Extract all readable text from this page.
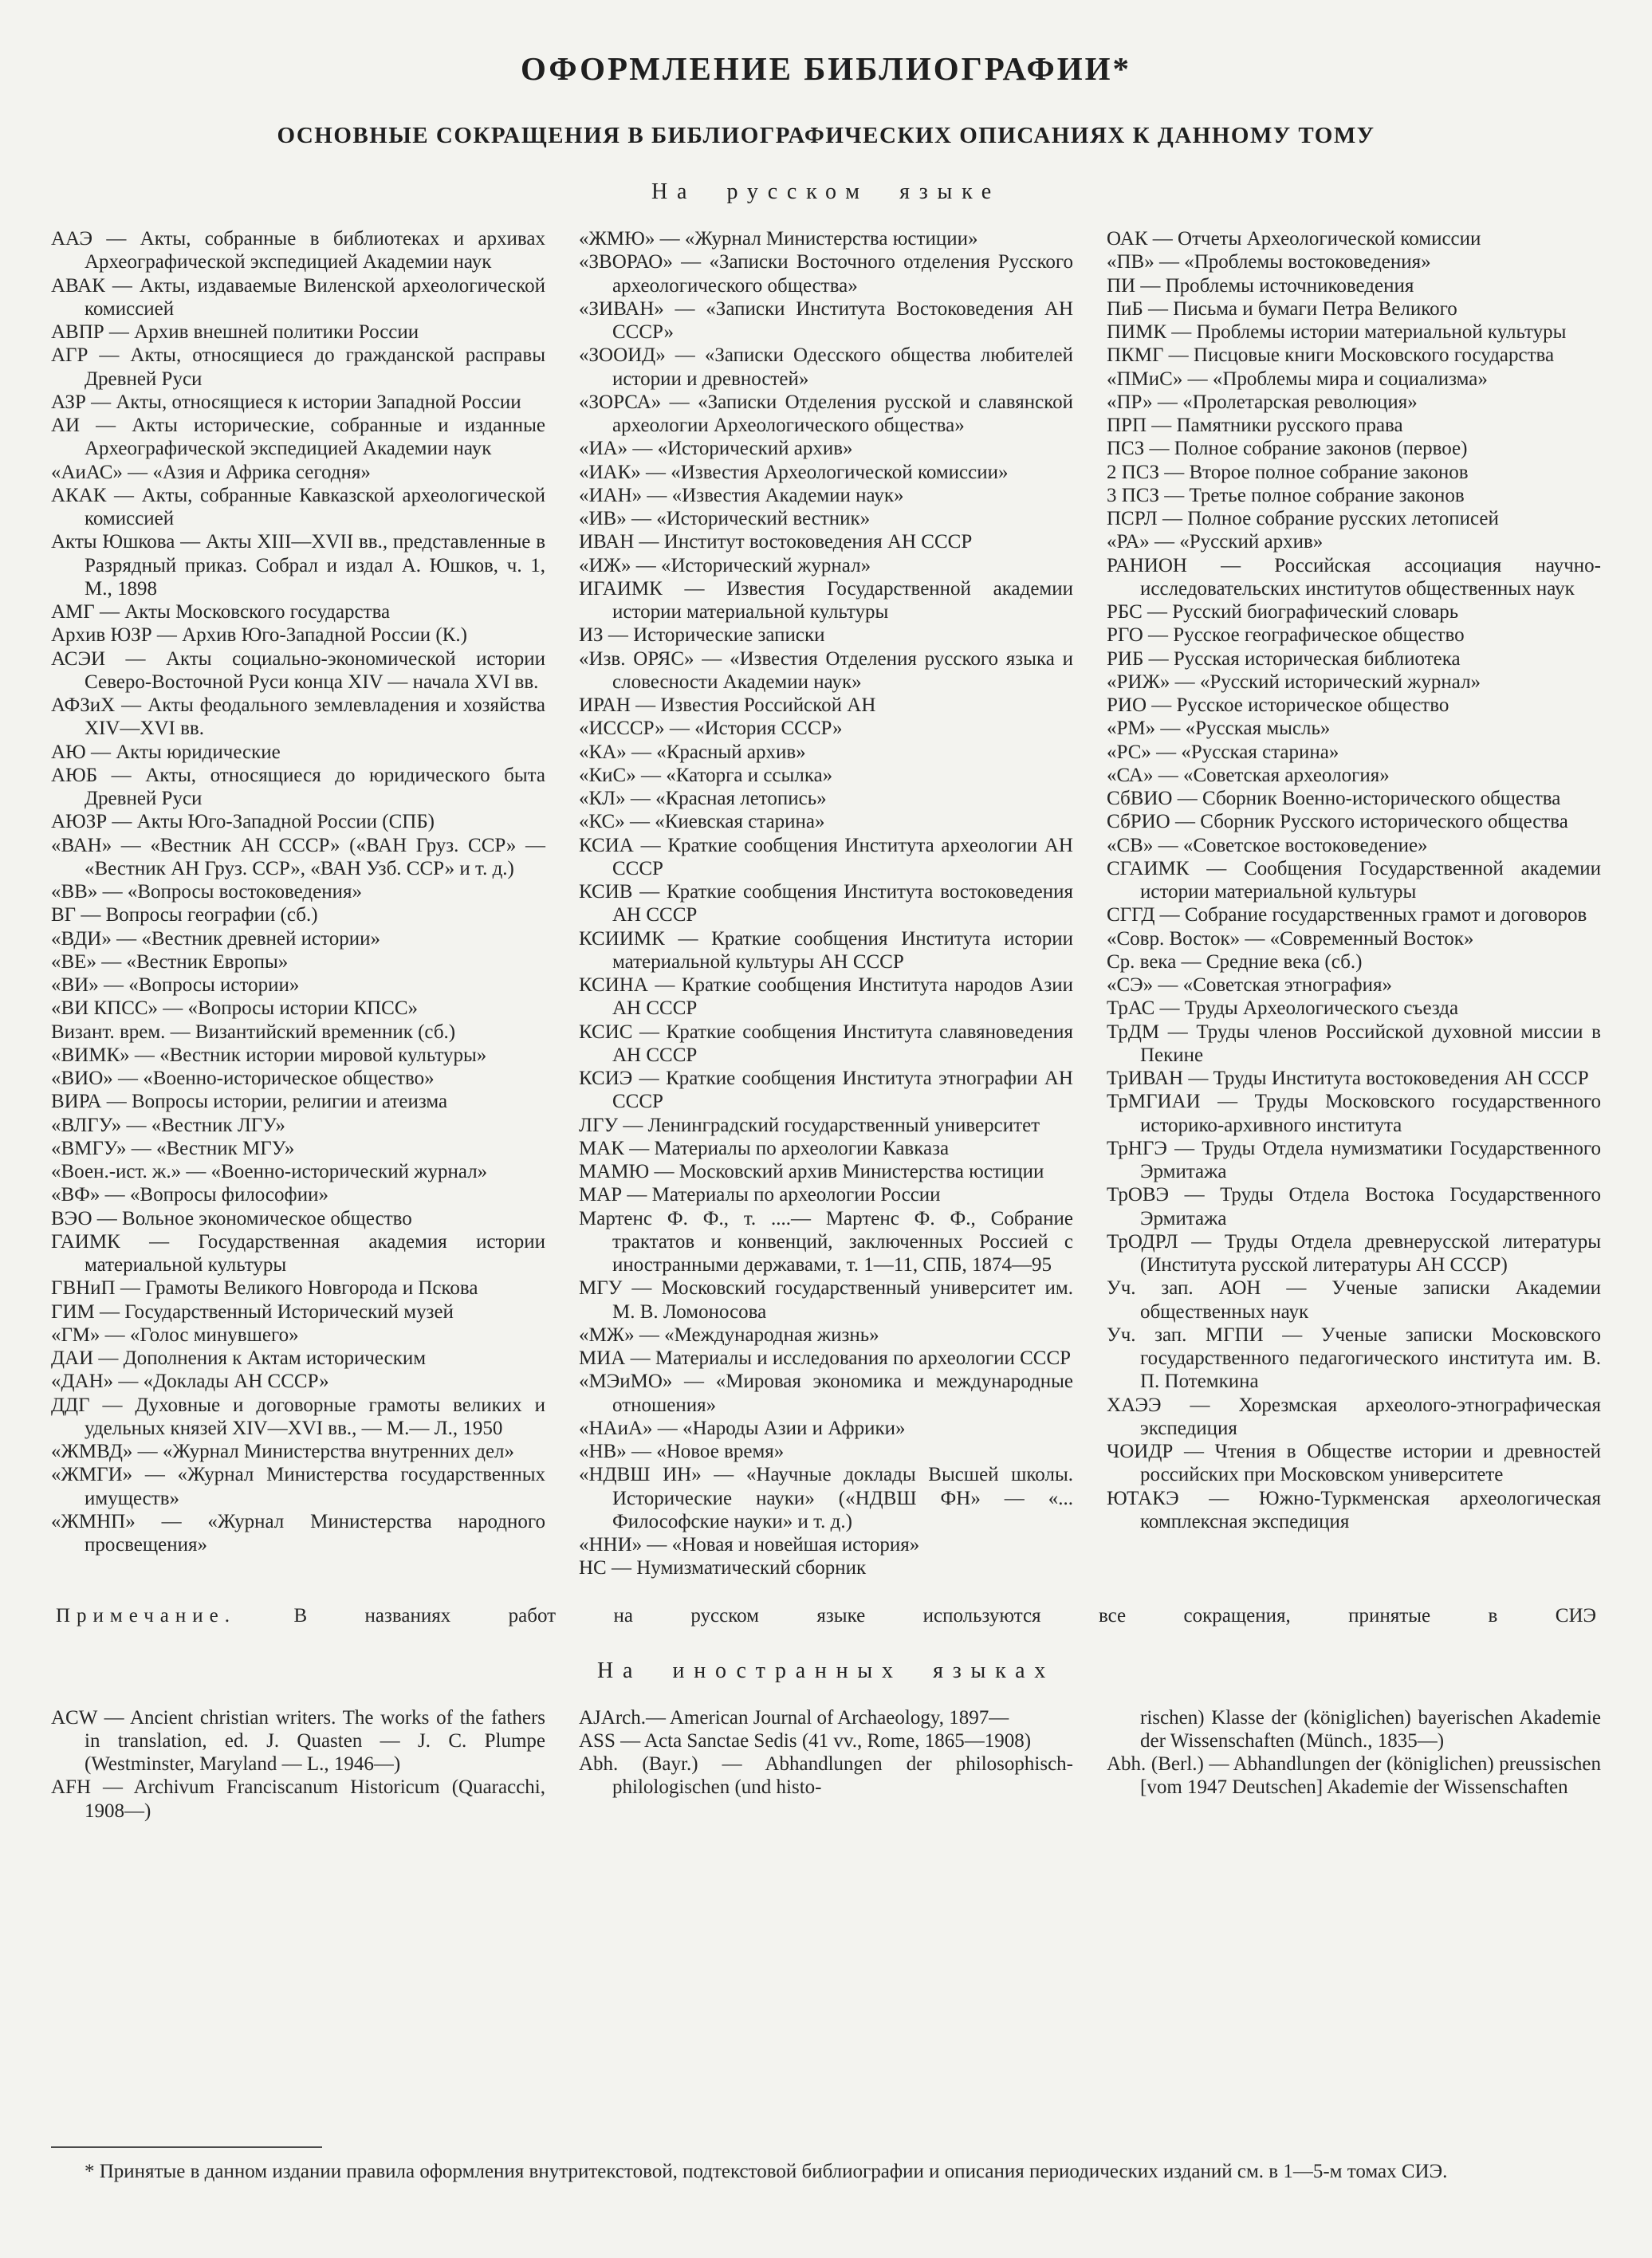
ОФОРМЛЕНИЕ БИБЛИОГРАФИИ*
ОСНОВНЫЕ СОКРАЩЕНИЯ В БИБЛИОГРАФИЧЕСКИХ ОПИСАНИЯХ К ДАННОМУ ТОМУ
На русском языке

ААЭ — Акты, собранные в библиотеках и архивах Археографической экспедицией Академии наук

АВАК — Акты, издаваемые Виленской археологической комиссией

АВПР — Архив внешней политики России

АГР — Акты, относящиеся до гражданской расправы Древней Руси

АЗР — Акты, относящиеся к истории Западной России

АИ — Акты исторические, собранные и изданные Археографической экспедицией Академии наук

«АиАС» — «Азия и Африка сегодня»

АКАК — Акты, собранные Кавказской археологической комиссией

Акты Юшкова — Акты XIII—XVII вв., представленные в Разрядный приказ. Собрал и издал А. Юшков, ч. 1, М., 1898

АМГ — Акты Московского государства

Архив ЮЗР — Архив Юго-Западной России (К.)

АСЭИ — Акты социально-экономической истории Северо-Восточной Руси конца XIV — начала XVI вв.

АФЗиХ — Акты феодального землевладения и хозяйства XIV—XVI вв.

АЮ — Акты юридические

АЮБ — Акты, относящиеся до юридического быта Древней Руси

АЮЗР — Акты Юго-Западной России (СПБ)

«ВАН» — «Вестник АН СССР» («ВАН Груз. ССР» — «Вестник АН Груз. ССР», «ВАН Узб. ССР» и т. д.)

«ВВ» — «Вопросы востоковедения»

ВГ — Вопросы географии (сб.)

«ВДИ» — «Вестник древней истории»

«ВЕ» — «Вестник Европы»

«ВИ» — «Вопросы истории»

«ВИ КПСС» — «Вопросы истории КПСС»

Визант. врем. — Византийский временник (сб.)

«ВИМК» — «Вестник истории мировой культуры»

«ВИО» — «Военно-историческое общество»

ВИРА — Вопросы истории, религии и атеизма

«ВЛГУ» — «Вестник ЛГУ»

«ВМГУ» — «Вестник МГУ»

«Воен.-ист. ж.» — «Военно-исторический журнал»

«ВФ» — «Вопросы философии»

ВЭО — Вольное экономическое общество

ГАИМК — Государственная академия истории материальной культуры

ГВНиП — Грамоты Великого Новгорода и Пскова

ГИМ — Государственный Исторический музей

«ГМ» — «Голос минувшего»

ДАИ — Дополнения к Актам историческим

«ДАН» — «Доклады АН СССР»

ДДГ — Духовные и договорные грамоты великих и удельных князей XIV—XVI вв., — М.— Л., 1950

«ЖМВД» — «Журнал Министерства внутренних дел»

«ЖМГИ» — «Журнал Министерства государственных имуществ»

«ЖМНП» — «Журнал Министерства народного просвещения»

«ЖМЮ» — «Журнал Министерства юстиции»

«ЗВОРАО» — «Записки Восточного отделения Русского археологического общества»

«ЗИВАН» — «Записки Института Востоковедения АН СССР»

«ЗООИД» — «Записки Одесского общества любителей истории и древностей»

«ЗОРСА» — «Записки Отделения русской и славянской археологии Археологического общества»

«ИА» — «Исторический архив»

«ИАК» — «Известия Археологической комиссии»

«ИАН» — «Известия Академии наук»

«ИВ» — «Исторический вестник»

ИВАН — Институт востоковедения АН СССР

«ИЖ» — «Исторический журнал»

ИГАИМК — Известия Государственной академии истории материальной культуры

ИЗ — Исторические записки

«Изв. ОРЯС» — «Известия Отделения русского языка и словесности Академии наук»

ИРАН — Известия Российской АН

«ИСССР» — «История СССР»

«КА» — «Красный архив»

«КиС» — «Каторга и ссылка»

«КЛ» — «Красная летопись»

«КС» — «Киевская старина»

КСИА — Краткие сообщения Института археологии АН СССР

КСИВ — Краткие сообщения Института востоковедения АН СССР

КСИИМК — Краткие сообщения Института истории материальной культуры АН СССР

КСИНА — Краткие сообщения Института народов Азии АН СССР

КСИС — Краткие сообщения Института славяноведения АН СССР

КСИЭ — Краткие сообщения Института этнографии АН СССР

ЛГУ — Ленинградский государственный университет

МАК — Материалы по археологии Кавказа

МАМЮ — Московский архив Министерства юстиции

МАР — Материалы по археологии России

Мартенс Ф. Ф., т. ....— Мартенс Ф. Ф., Собрание трактатов и конвенций, заключенных Россией с иностранными державами, т. 1—11, СПБ, 1874—95

МГУ — Московский государственный университет им. М. В. Ломоносова

«МЖ» — «Международная жизнь»

МИА — Материалы и исследования по археологии СССР

«МЭиМО» — «Мировая экономика и международные отношения»

«НАиА» — «Народы Азии и Африки»

«НВ» — «Новое время»

«НДВШ ИН» — «Научные доклады Высшей школы. Исторические науки» («НДВШ ФН» — «... Философские науки» и т. д.)

«ННИ» — «Новая и новейшая история»

НС — Нумизматический сборник

ОАК — Отчеты Археологической комиссии

«ПВ» — «Проблемы востоковедения»

ПИ — Проблемы источниковедения

ПиБ — Письма и бумаги Петра Великого

ПИМК — Проблемы истории материальной культуры

ПКМГ — Писцовые книги Московского государства

«ПМиС» — «Проблемы мира и социализма»

«ПР» — «Пролетарская революция»

ПРП — Памятники русского права

ПСЗ — Полное собрание законов (первое)

2 ПСЗ — Второе полное собрание законов

3 ПСЗ — Третье полное собрание законов

ПСРЛ — Полное собрание русских летописей

«РА» — «Русский архив»

РАНИОН — Российская ассоциация научно-исследовательских институтов общественных наук

РБС — Русский биографический словарь

РГО — Русское географическое общество

РИБ — Русская историческая библиотека

«РИЖ» — «Русский исторический журнал»

РИО — Русское историческое общество

«РМ» — «Русская мысль»

«РС» — «Русская старина»

«СА» — «Советская археология»

СбВИО — Сборник Военно-исторического общества

СбРИО — Сборник Русского исторического общества

«СВ» — «Советское востоковедение»

СГАИМК — Сообщения Государственной академии истории материальной культуры

СГГД — Собрание государственных грамот и договоров

«Совр. Восток» — «Современный Восток»

Ср. века — Средние века (сб.)

«СЭ» — «Советская этнография»

ТрАС — Труды Археологического съезда

ТрДМ — Труды членов Российской духовной миссии в Пекине

ТрИВАН — Труды Института востоковедения АН СССР

ТрМГИАИ — Труды Московского государственного историко-архивного института

ТрНГЭ — Труды Отдела нумизматики Государственного Эрмитажа

ТрОВЭ — Труды Отдела Востока Государственного Эрмитажа

ТрОДРЛ — Труды Отдела древнерусской литературы (Института русской литературы АН СССР)

Уч. зап. АОН — Ученые записки Академии общественных наук

Уч. зап. МГПИ — Ученые записки Московского государственного педагогического института им. В. П. Потемкина

ХАЭЭ — Хорезмская археолого-этнографическая экспедиция

ЧОИДР — Чтения в Обществе истории и древностей российских при Московском университете

ЮТАКЭ — Южно-Туркменская археологическая комплексная экспедиция

Примечание.	В названиях работ на русском языке используются все сокращения, принятые в СИЭ

На иностранных языках

ACW — Ancient christian writers. The works of the fathers in translation, ed. J. Quasten — J. C. Plumpe (Westminster, Maryland — L., 1946—)

AFH — Archivum Franciscanum Historicum (Quaracchi, 1908—)

AJArch.— American Journal of Archaeology, 1897—

ASS — Acta Sanctae Sedis (41 vv., Rome, 1865—1908)

Abh. (Bayr.) — Abhandlungen der philosophisch-philologischen (und histo-

rischen) Klasse der (königlichen) bayerischen Akademie der Wissenschaften (Münch., 1835—)

Abh. (Berl.) — Abhandlungen der (königlichen) preussischen [vom 1947 Deutschen] Akademie der Wissenschaften

* Принятые в данном издании правила оформления внутритекстовой, подтекстовой библиографии и описания периодических изданий см. в 1—5-м томах СИЭ.
